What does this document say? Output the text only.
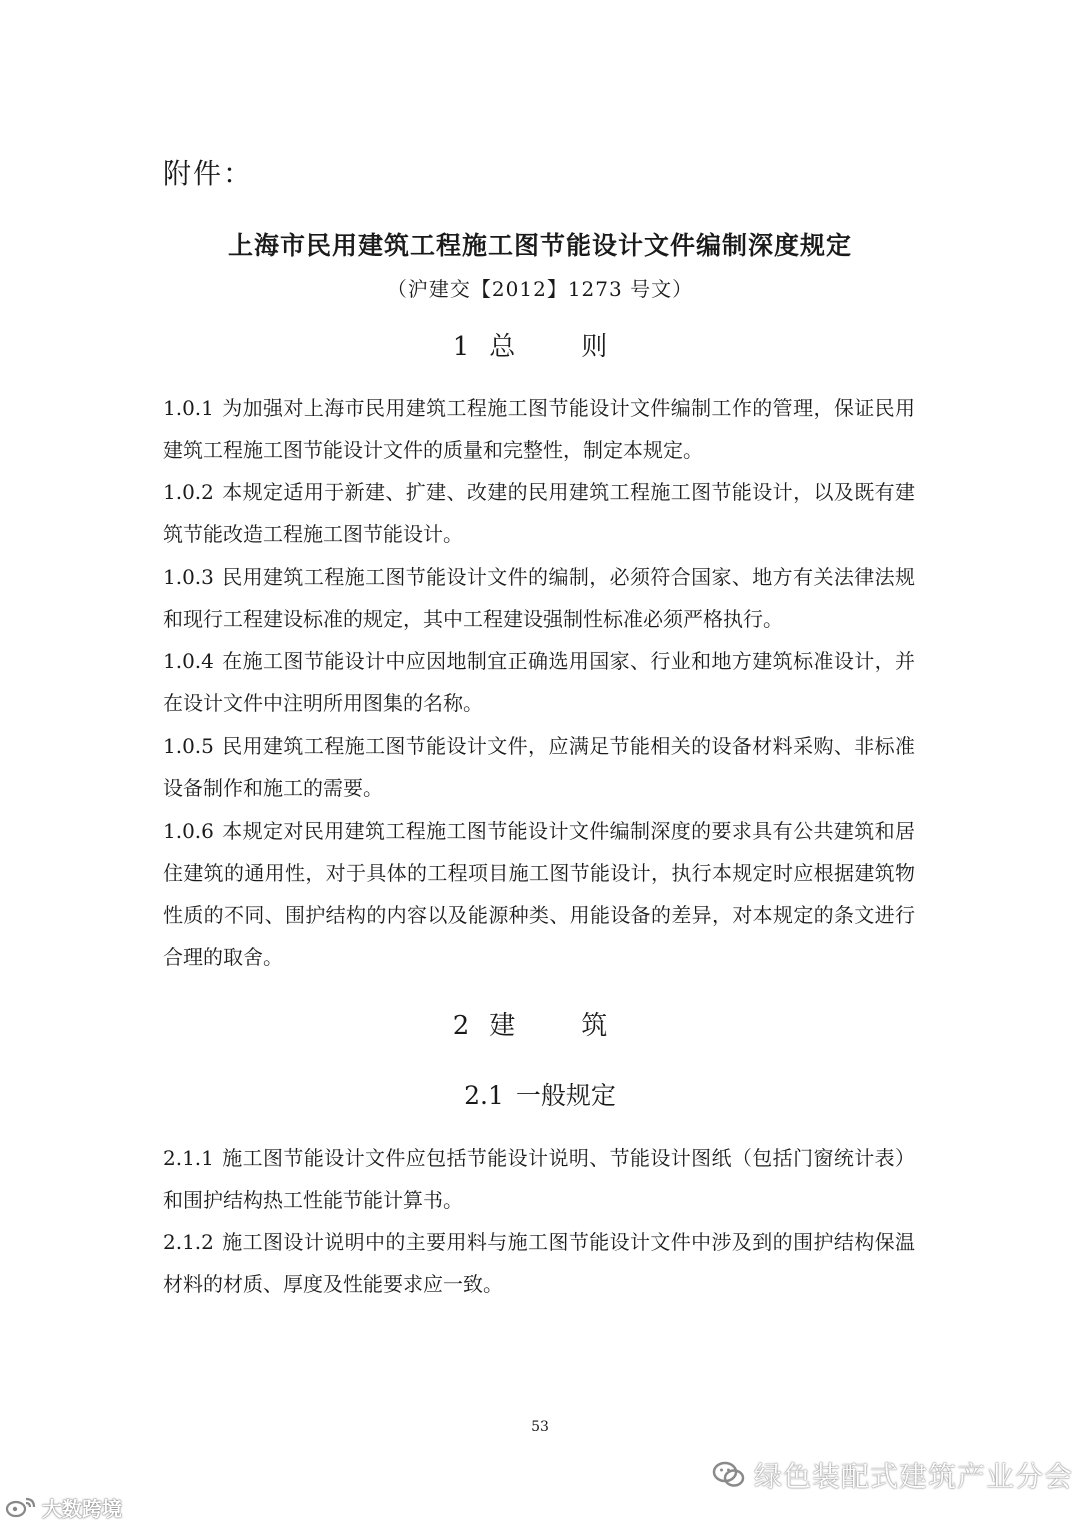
附件：
上海市民用建筑工程施工图节能设计文件编制深度规定
（沪建交【2012】1273 号文）
1 总　则
1.0.1 为加强对上海市民用建筑工程施工图节能设计文件编制工作的管理，保证民用建筑工程施工图节能设计文件的质量和完整性，制定本规定。
1.0.2 本规定适用于新建、扩建、改建的民用建筑工程施工图节能设计，以及既有建筑节能改造工程施工图节能设计。
1.0.3 民用建筑工程施工图节能设计文件的编制，必须符合国家、地方有关法律法规和现行工程建设标准的规定，其中工程建设强制性标准必须严格执行。
1.0.4 在施工图节能设计中应因地制宜正确选用国家、行业和地方建筑标准设计，并在设计文件中注明所用图集的名称。
1.0.5 民用建筑工程施工图节能设计文件，应满足节能相关的设备材料采购、非标准设备制作和施工的需要。
1.0.6 本规定对民用建筑工程施工图节能设计文件编制深度的要求具有公共建筑和居住建筑的通用性，对于具体的工程项目施工图节能设计，执行本规定时应根据建筑物性质的不同、围护结构的内容以及能源种类、用能设备的差异，对本规定的条文进行合理的取舍。
2 建　筑
2.1 一般规定
2.1.1 施工图节能设计文件应包括节能设计说明、节能设计图纸（包括门窗统计表）和围护结构热工性能节能计算书。
2.1.2 施工图设计说明中的主要用料与施工图节能设计文件中涉及到的围护结构保温材料的材质、厚度及性能要求应一致。
53
绿色装配式建筑产业分会
大数跨境
